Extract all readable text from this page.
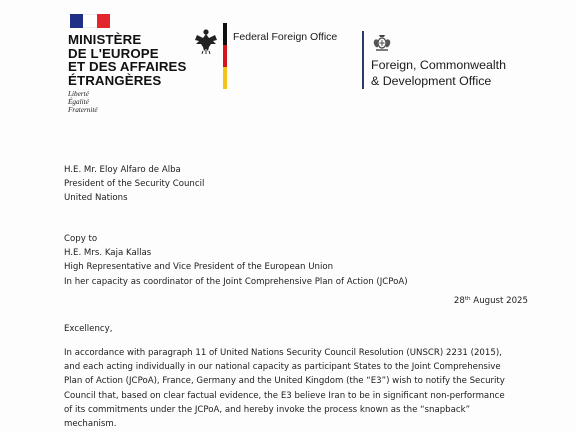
MINISTÈRE
DE L'EUROPE
ET DES AFFAIRES
ÉTRANGÈRES
Liberté
Égalité
Fraternité
Federal Foreign Office
Foreign, Commonwealth
& Development Office
H.E. Mr. Eloy Alfaro de Alba
President of the Security Council
United Nations
Copy to
H.E. Mrs. Kaja Kallas
High Representative and Vice President of the European Union
In her capacity as coordinator of the Joint Comprehensive Plan of Action (JCPoA)
28th August 2025
Excellency,
In accordance with paragraph 11 of United Nations Security Council Resolution (UNSCR) 2231 (2015),
and each acting individually in our national capacity as participant States to the Joint Comprehensive
Plan of Action (JCPoA), France, Germany and the United Kingdom (the “E3”) wish to notify the Security
Council that, based on clear factual evidence, the E3 believe Iran to be in significant non-performance
of its commitments under the JCPoA, and hereby invoke the process known as the “snapback”
mechanism.
